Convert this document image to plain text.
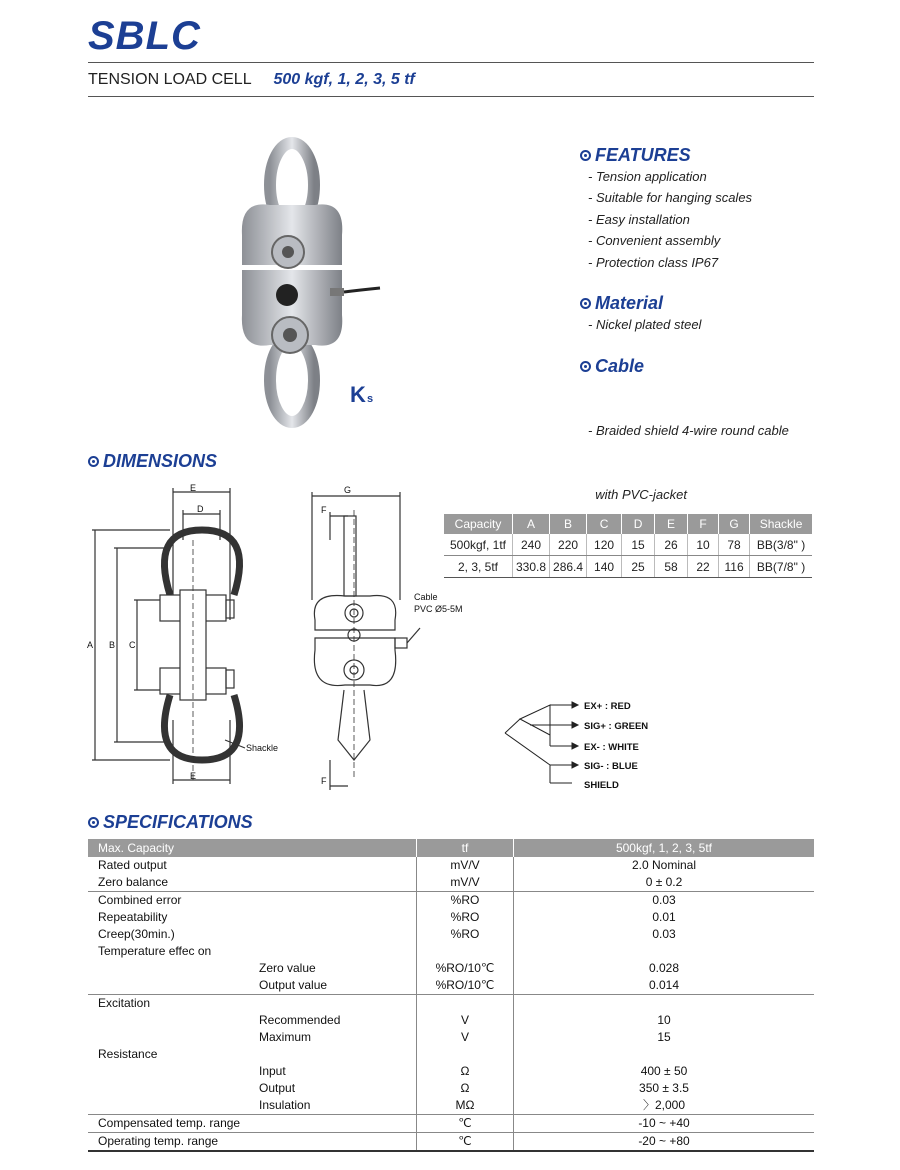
SBLC
TENSION LOAD CELL 500 kgf, 1, 2, 3, 5 tf
K s
FEATURES
- Tension application
- Suitable for hanging scales
- Easy installation
- Convenient assembly
- Protection class IP67
Material
- Nickel plated steel
Cable

- Braided shield 4-wire round cable

with PVC-jacket

DIMENSIONS
E
D
A B C
E
Shackle
G
F
F
Cable
PVC Ø5-5M
Capacity	A	B	C	D	E	F	G	Shackle
500kgf, 1tf	240	220	120	15	26	10	78	BB(3/8" )
2, 3, 5tf	330.8	286.4	140	25	58	22	116	BB(7/8" )
EX+ : RED
SIG+ : GREEN
EX- : WHITE
SIG- : BLUE
SHIELD
SPECIFICATIONS
Max. Capacity	tf	500kgf, 1, 2, 3, 5tf
Rated output	mV/V	2.0 Nominal
Zero balance	mV/V	0 ± 0.2
Combined error	%RO	0.03
Repeatability	%RO	0.01
Creep(30min.)	%RO	0.03
Temperature effec on
Zero value	%RO/10℃	0.028
Output value	%RO/10℃	0.014
Excitation
Recommended	V	10
Maximum	V	15
Resistance
Input	Ω	400 ± 50
Output	Ω	350 ± 3.5
Insulation	MΩ	〉2,000
Compensated temp. range	℃	-10 ~ +40
Operating temp. range	℃	-20 ~ +80
